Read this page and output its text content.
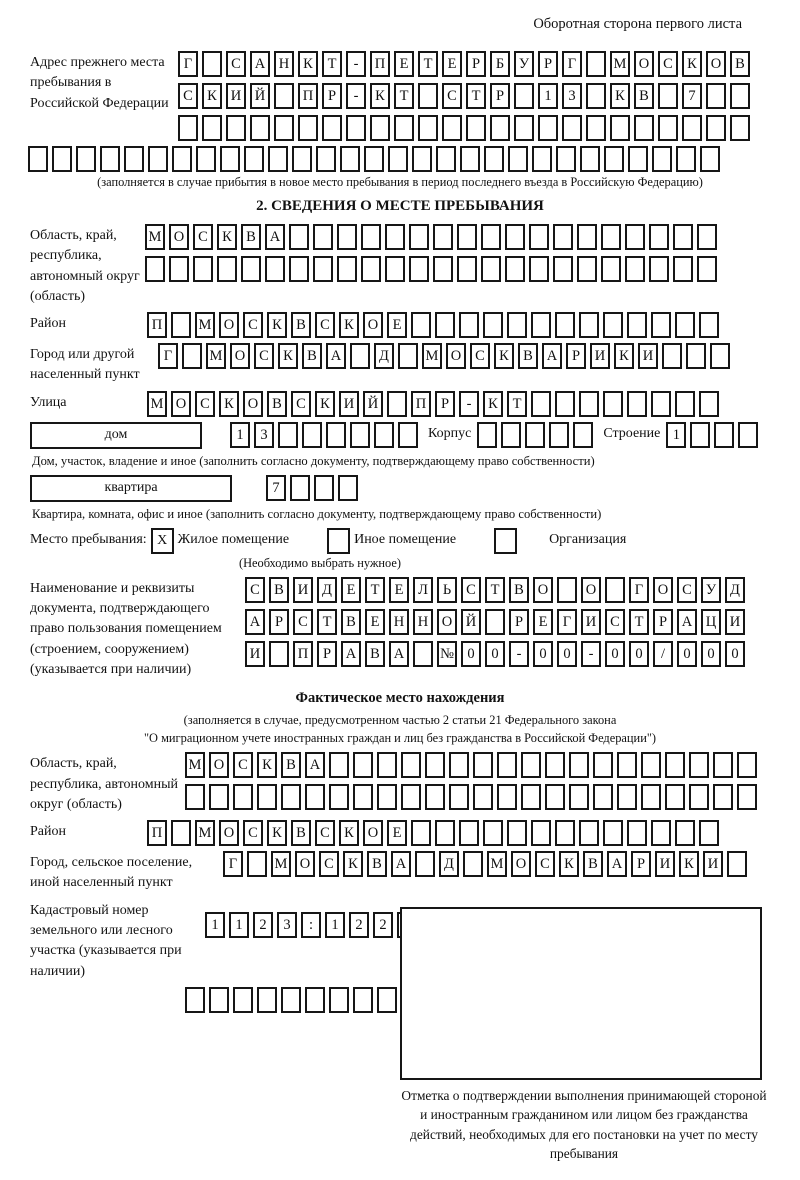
Оборотная сторона первого листа
Адрес прежнего места пребывания в Российской Федерации
Г	С А Н К	Т	-	П Е	Т	Е	Р	Б	У	Р	Г	М О С К О В
С К И Й	П	Р	-	К	Т	С	Т	Р	1	3	К В	7
(заполняется в случае прибытия в новое место пребывания в период последнего въезда в Российскую Федерацию)
2. СВЕДЕНИЯ О МЕСТЕ ПРЕБЫВАНИЯ
Область, край, республика, автономный округ (область)
М О С К В А
Район	П	М О С К В С К О Е
Город или другой населенный пункт
Г	М О С К В А	Д	М О С К В А	Р	И К И
Улица	М О С К О В С К И Й	П	Р	-	К	Т
дом	1	3	Корпус	Строение 1
Дом, участок, владение и иное (заполнить согласно документу, подтверждающему право собственности)
квартира	7
Квартира, комната, офис и иное (заполнить согласно документу, подтверждающему право собственности)
Место пребывания: X Жилое помещение	Иное помещение	Организация
(Необходимо выбрать нужное)
Наименование и реквизиты документа, подтверждающего право пользования помещением (строением, сооружением) (указывается при наличии)
С В И Д	Е	Т	Е	Л	Ь	С	Т	В О	О	Г	О С У Д
А	Р	С	Т	В	Е Н Н О Й	Р	Е	Г	И С	Т	Р	А Ц И
И	П	Р	А В А	№ 0	0	-	0	0	-	0	0	/	0	0	0
Фактическое место нахождения
(заполняется в случае, предусмотренном частью 2 статьи 21 Федерального закона
"О миграционном учете иностранных граждан и лиц без гражданства в Российской Федерации")
Область, край, республика, автономный округ (область)
М О С К В А
Район	П	М О С К В С К О Е
Город, сельское поселение, иной населенный пункт
Г	М О С К В А	Д	М О С К В А	Р	И К И
Кадастровый номер земельного или лесного участка (указывается при наличии)
1	1	2	3	:	1	2	2
Отметка о подтверждении выполнения принимающей стороной и иностранным гражданином или лицом без гражданства действий, необходимых для его постановки на учет по месту пребывания
